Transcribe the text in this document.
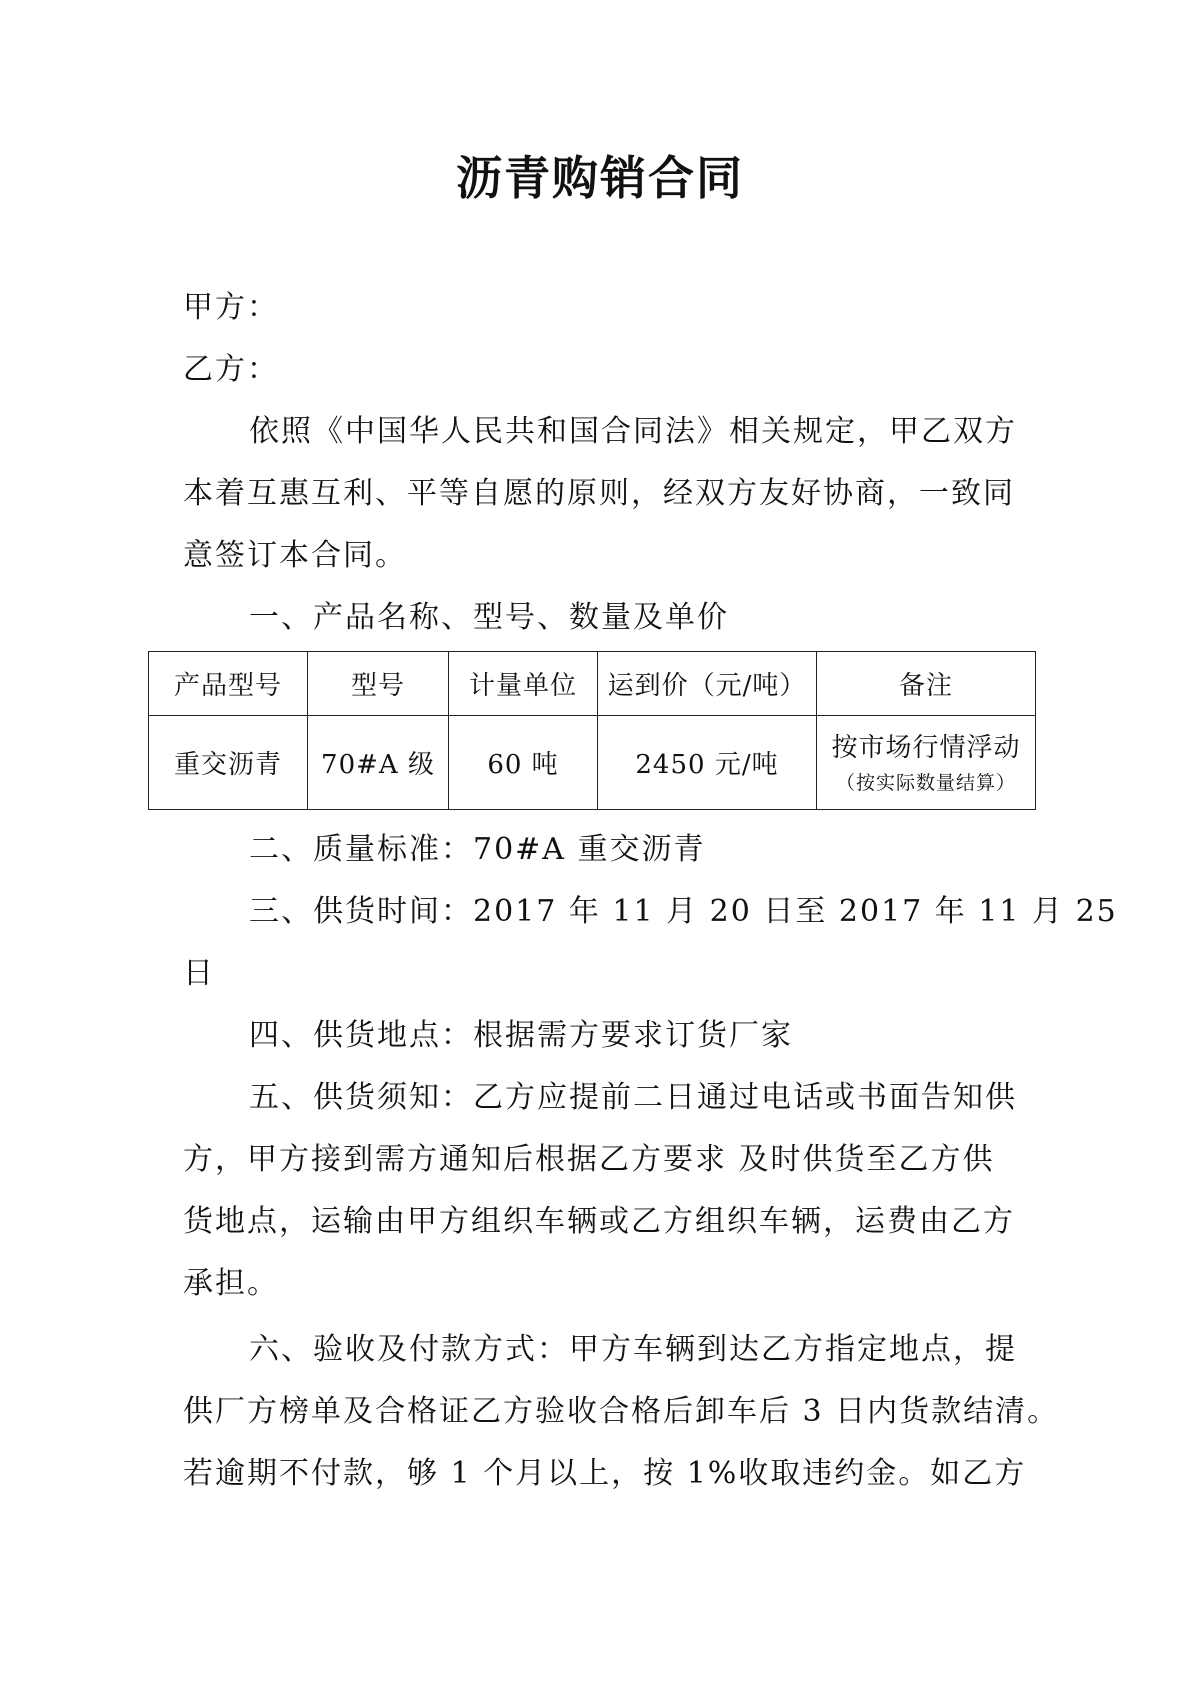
沥青购销合同
甲方：
乙方：
依照《中国华人民共和国合同法》相关规定，甲乙双方
本着互惠互利、平等自愿的原则，经双方友好协商，一致同
意签订本合同。
一、产品名称、型号、数量及单价
产品型号	型号	计量单位	运到价（元/吨）	备注
重交沥青	70#A 级	60 吨	2450 元/吨	按市场行情浮动
（按实际数量结算）
二、质量标准：70#A 重交沥青
三、供货时间：2017 年 11 月 20 日至 2017 年 11 月 25
日
四、供货地点：根据需方要求订货厂家
五、供货须知：乙方应提前二日通过电话或书面告知供
方，甲方接到需方通知后根据乙方要求 及时供货至乙方供
货地点，运输由甲方组织车辆或乙方组织车辆，运费由乙方
承担。
六、验收及付款方式：甲方车辆到达乙方指定地点，提
供厂方榜单及合格证乙方验收合格后卸车后 3 日内货款结清。
若逾期不付款，够 1 个月以上，按 1%收取违约金。如乙方
